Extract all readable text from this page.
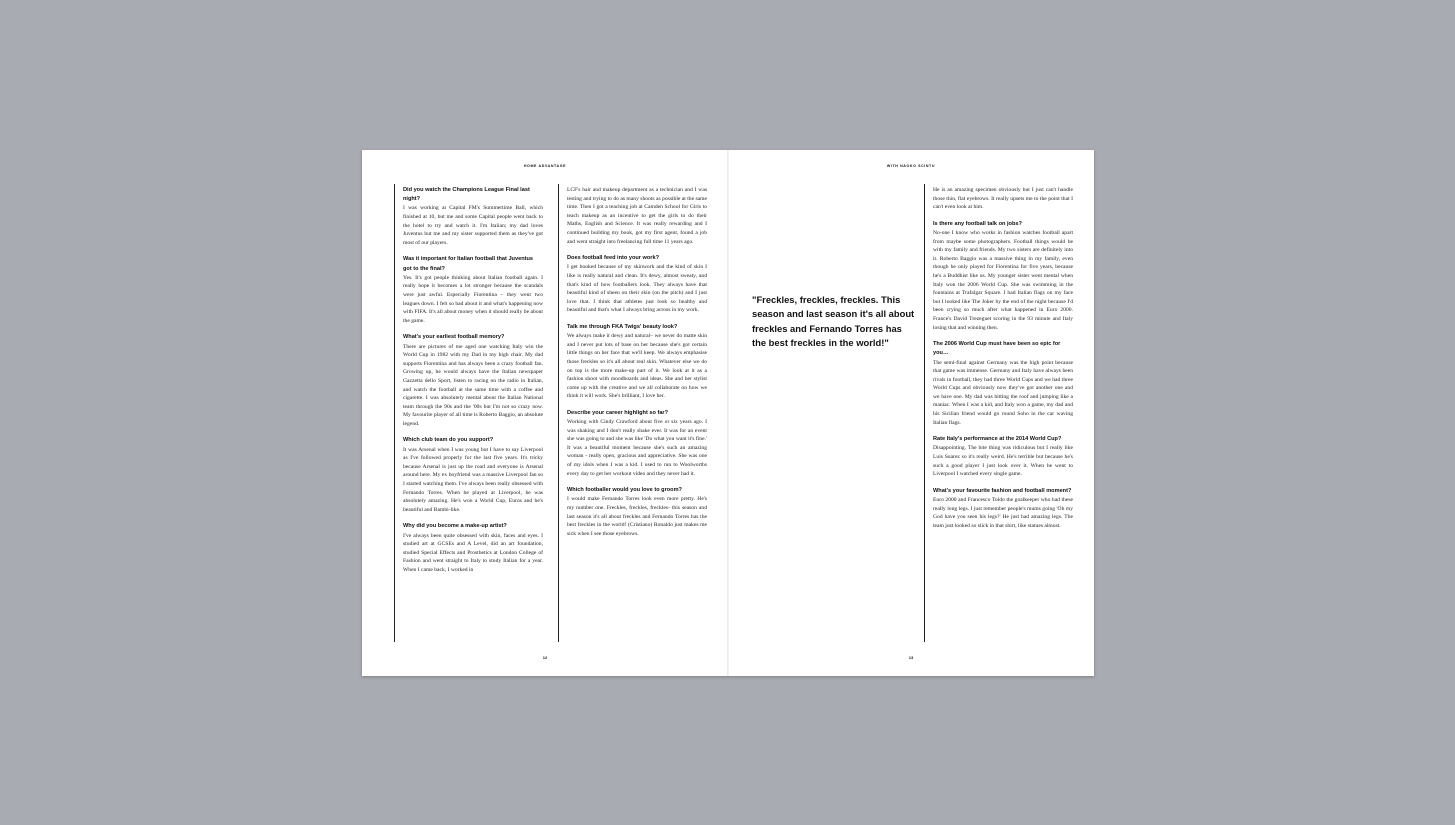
HOME ADVANTAGE
Did you watch the Champions League Final last night?

I was working at Capital FM's Summertime Ball, which finished at 10, but me and some Capital people went back to the hotel to try and watch it. I'm Italian; my dad loves Juventus but me and my sister supported them as they've got most of our players.

Was it important for Italian football that Juventus got to the final?

Yes. It's got people thinking about Italian football again. I really hope it becomes a lot stronger because the scandals were just awful. Especially Fiorentina – they went two leagues down. I felt so bad about it and what's happening now with FIFA. It's all about money when it should really be about the game.

What's your earliest football memory?

There are pictures of me aged one watching Italy win the World Cup in 1982 with my Dad in my high chair. My dad supports Fiorentina and has always been a crazy football fan. Growing up, he would always have the Italian newspaper Gazzetta dello Sport, listen to racing on the radio in Italian, and watch the football at the same time with a coffee and cigarette. I was absolutely mental about the Italian National team through the 90s and the '00s but I'm not so crazy now. My favourite player of all time is Roberto Baggio, an absolute legend.

Which club team do you support?

It was Arsenal when I was young but I have to say Liverpool as I've followed properly for the last five years. It's tricky because Arsenal is just up the road and everyone is Arsenal around here. My ex boyfriend was a massive Liverpool fan so I started watching them. I've always been really obsessed with Fernando Torres. When he played at Liverpool, he was absolutely amazing. He's won a World Cup, Euros and he's beautiful and Bambi-like.

Why did you become a make-up artist?

I've always been quite obsessed with skin, faces and eyes. I studied art at GCSEs and A Level, did an art foundation, studied Special Effects and Prosthetics at London College of Fashion and went straight to Italy to study Italian for a year. When I came back, I worked in

LCF's hair and makeup department as a technician and I was testing and trying to do as many shoots as possible at the same time. Then I got a teaching job at Camden School for Girls to teach makeup as an incentive to get the girls to do their Maths, English and Science. It was really rewarding and I continued building my book, got my first agent, found a job and went straight into freelancing full time 11 years ago.

Does football feed into your work?

I get booked because of my skinwork and the kind of skin I like is really natural and clean. It's dewy, almost sweaty, and that's kind of how footballers look. They always have that beautiful kind of sheen on their skin (on the pitch) and I just love that. I think that athletes just look so healthy and beautiful and that's what I always bring across in my work.

Talk me through FKA Twigs' beauty look?

We always make it dewy and natural– we never do matte skin and I never put lots of base on her because she's got certain little things on her face that we'll keep. We always emphasise those freckles so it's all about real skin. Whatever else we do on top is the more make-up part of it. We look at it as a fashion shoot with moodboards and ideas. She and her stylist come up with the creative and we all collaborate on how we think it will work. She's brilliant, I love her.

Describe your career highlight so far?

Working with Cindy Crawford about five or six years ago. I was shaking and I don't really shake ever. It was for an event she was going to and she was like 'Do what you want it's fine.' It was a beautiful moment because she's such an amazing woman - really open, gracious and appreciative. She was one of my idols when I was a kid. I used to run to Woolworths every day to get her workout video and they never had it.

Which footballer would you love to groom?

I would make Fernando Torres look even more pretty. He's my number one. Freckles, freckles, freckles- this season and last season it's all about freckles and Fernando Torres has the best freckles in the world! (Cristiano) Ronaldo just makes me sick when I see those eyebrows.

12
WITH NAOKO SCINTU

He is an amazing specimen obviously but I just can't handle those thin, flat eyebrows. It really upsets me to the point that I can't even look at him.

Is there any football talk on jobs?

No-one I know who works in fashion watches football apart from maybe some photographers. Football things would be with my family and friends. My two sisters are definitely into it. Roberto Baggio was a massive thing in my family, even though he only played for Fiorentina for five years, because he's a Buddhist like us. My younger sister went mental when Italy won the 2006 World Cup. She was swimming in the fountains at Trafalgar Square. I had Italian flags on my face but I looked like The Joker by the end of the night because I'd been crying so much after what happened in Euro 2000. France's David Trezeguet scoring in the 93 minute and Italy losing that and winning then.

The 2006 World Cup must have been so epic for you…

The semi-final against Germany was the high point because that game was immense. Germany and Italy have always been rivals in football, they had three World Cups and we had three World Cups and obviously now they've got another one and we have one. My dad was hitting the roof and jumping like a maniac. When I was a kid, and Italy won a game, my dad and his Sicilian friend would go round Soho in the car waving Italian flags.

Rate Italy's performance at the 2014 World Cup?

Disappointing. The bite thing was ridiculous but I really like Luis Suarez so it's really weird. He's terrible but because he's such a good player I just look over it. When he went to Liverpool I watched every single game.

What's your favourite fashion and football moment?

Euro 2000 and Francesco Toldo the goalkeeper who had these really long legs. I just remember people's mums going 'Oh my God have you seen his legs?' He just had amazing legs. The team just looked so slick in that shirt, like statues almost.

13
"Freckles, freckles, freckles. This season and last season it's all about freckles and Fernando Torres has the best freckles in the world!"
